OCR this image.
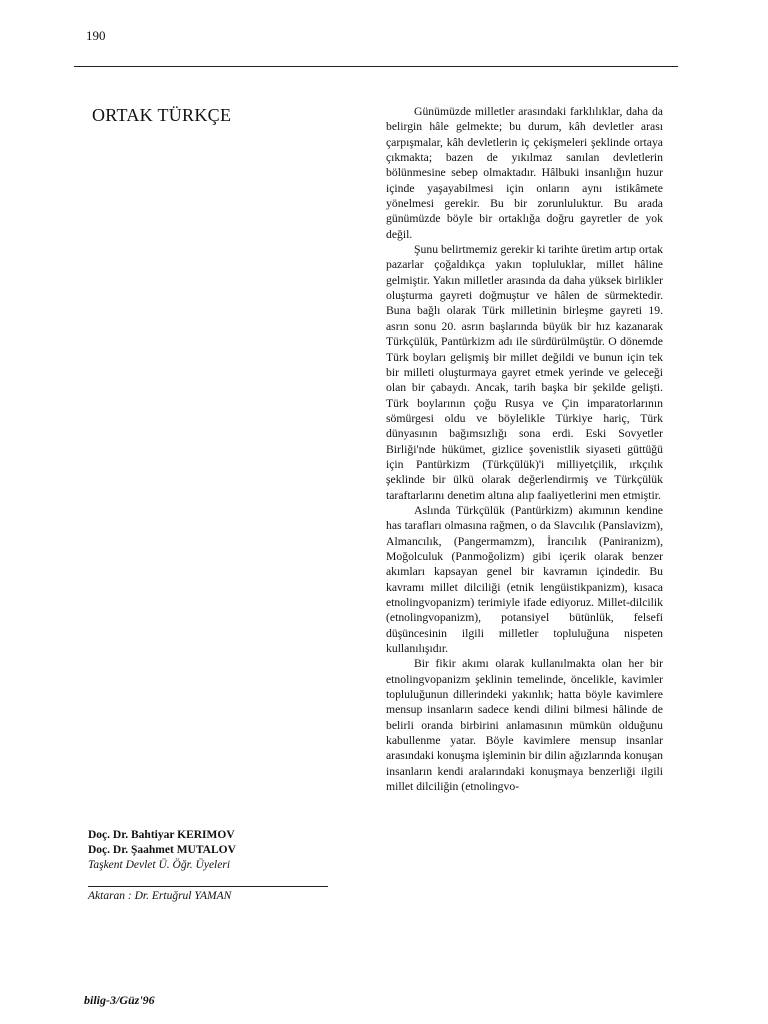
190
ORTAK TÜRKÇE	Günümüzde milletler arasındaki farklılıklar, daha da belirgin hâle gelmekte; bu durum, kâh devletler arası çarpışmalar, kâh devletlerin iç çekişmeleri şeklinde ortaya çıkmakta; bazen de yıkılmaz sanılan devletlerin bölünmesine sebep olmaktadır. Hâlbuki insanlığın huzur içinde yaşayabilmesi için onların aynı istikâmete yönelmesi gerekir. Bu bir zorunluluktur. Bu arada günümüzde böyle bir ortaklığa doğru gayretler de yok değil.

Şunu belirtmemiz gerekir ki tarihte üretim artıp ortak pazarlar çoğaldıkça yakın topluluklar, millet hâline gelmiştir. Yakın milletler arasında da daha yüksek birlikler oluşturma gayreti doğmuştur ve hâlen de sürmektedir. Buna bağlı olarak Türk milletinin birleşme gayreti 19. asrın sonu 20. asrın başlarında büyük bir hız kazanarak Türkçülük, Pantürkizm adı ile sürdürülmüştür. O dönemde Türk boyları gelişmiş bir millet değildi ve bunun için tek bir milleti oluşturmaya gayret etmek yerinde ve geleceği olan bir çabaydı. Ancak, tarih başka bir şekilde gelişti. Türk boylarının çoğu Rusya ve Çin imparatorlarının sömürgesi oldu ve böylelikle Türkiye hariç, Türk dünyasının bağımsızlığı sona erdi. Eski Sovyetler Birliği'nde hükümet, gizlice şovenistlik siyaseti güttüğü için Pantürkizm (Türkçülük)'i milliyetçilik, ırkçılık şeklinde bir ülkü olarak değerlendirmiş ve Türkçülük taraftarlarını denetim altına alıp faaliyetlerini men etmiştir.

Aslında Türkçülük (Pantürkizm) akımının kendine has tarafları olmasına rağmen, o da Slavcılık (Panslavizm), Almancılık, (Pangermamzm), İrancılık (Paniranizm), Moğolculuk (Panmoğolizm) gibi içerik olarak benzer akımları kapsayan genel bir kavramın içindedir. Bu kavramı millet dilciliği (etnik lengüistikpanizm), kısaca etnolingvopanizm) terimiyle ifade ediyoruz. Millet-dilcilik (etnolingvopanizm), potansiyel bütünlük, felsefi düşüncesinin ilgili milletler topluluğuna nispeten kullanılışıdır.

Bir fikir akımı olarak kullanılmakta olan her bir etnolingvopanizm şeklinin temelinde, öncelikle, kavimler topluluğunun dillerindeki yakınlık; hatta böyle kavimlere mensup insanların sadece kendi dilini bilmesi hâlinde de belirli oranda birbirini anlamasının mümkün olduğunu kabullenme yatar. Böyle kavimlere mensup insanlar arasındaki konuşma işleminin bir dilin ağızlarında konuşan insanların kendi aralarındaki konuşmaya benzerliği ilgili millet dilciliğin (etnolingvo-

Doç. Dr. Bahtiyar KERIMOV
Doç. Dr. Şaahmet MUTALOV
Taşkent Devlet Ü. Öğr. Üyeleri
Aktaran : Dr. Ertuğrul YAMAN
bilig-3/Güz'96
